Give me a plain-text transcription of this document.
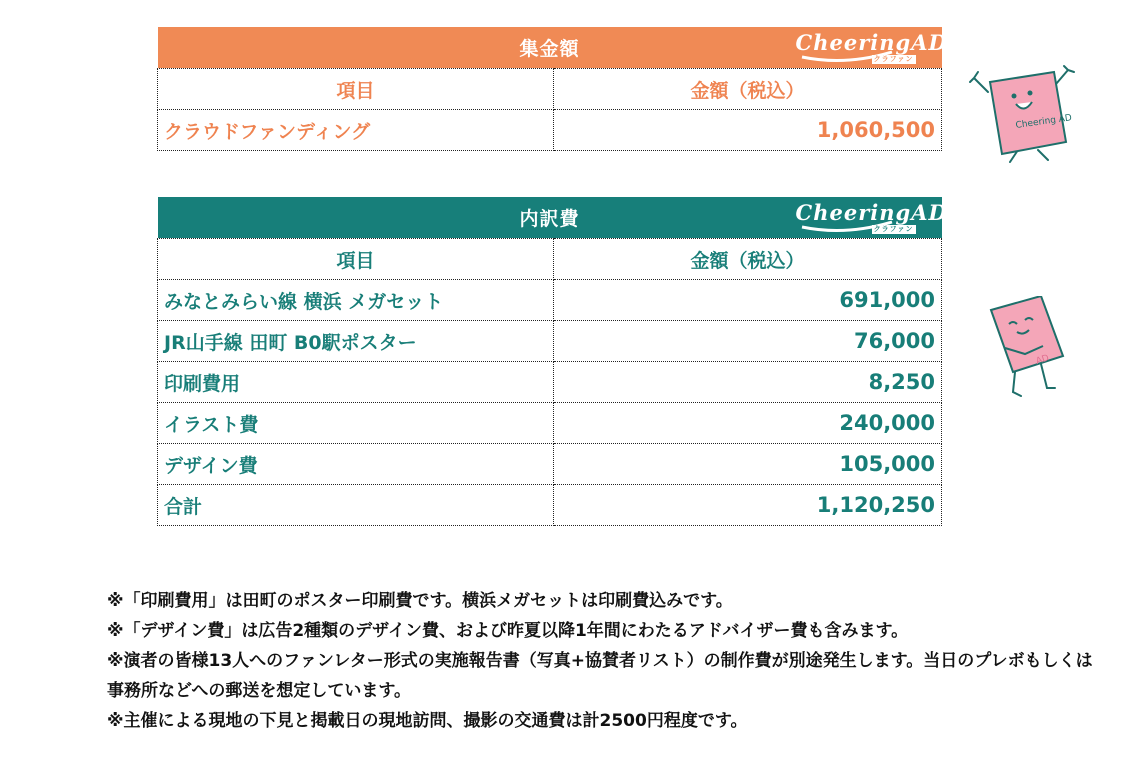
集金額 CheeringAD
クラファン	

項目	金額（税込）
クラウドファンディング	1,060,500
内訳費 CheeringAD
クラファン	

項目	金額（税込）
みなとみらい線 横浜 メガセット	691,000
JR山手線 田町 B0駅ポスター	76,000
印刷費用	8,250
イラスト費	240,000
デザイン費	105,000
合計	1,120,250
Cheering AD
AD

※「印刷費用」は田町のポスター印刷費です。横浜メガセットは印刷費込みです。

※「デザイン費」は広告2種類のデザイン費、および昨夏以降1年間にわたるアドバイザー費も含みます。

※演者の皆様13人へのファンレター形式の実施報告書（写真+協賛者リスト）の制作費が別途発生します。当日のプレボもしくは事務所などへの郵送を想定しています。

※主催による現地の下見と掲載日の現地訪問、撮影の交通費は計2500円程度です。
